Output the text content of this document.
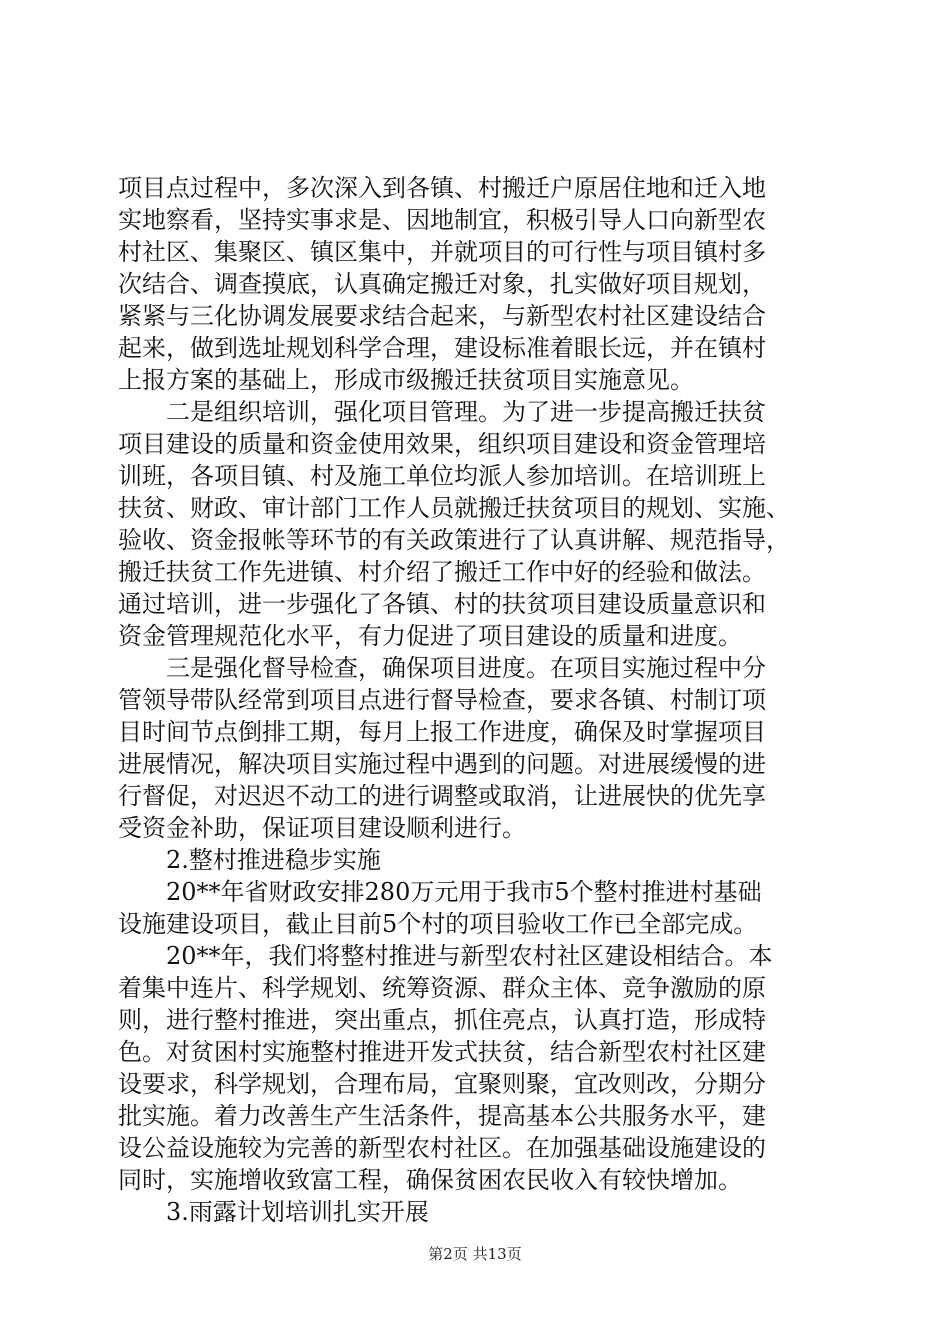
项目点过程中，多次深入到各镇、村搬迁户原居住地和迁入地
实地察看，坚持实事求是、因地制宜，积极引导人口向新型农
村社区、集聚区、镇区集中，并就项目的可行性与项目镇村多
次结合、调查摸底，认真确定搬迁对象，扎实做好项目规划，
紧紧与三化协调发展要求结合起来，与新型农村社区建设结合
起来，做到选址规划科学合理，建设标准着眼长远，并在镇村
上报方案的基础上，形成市级搬迁扶贫项目实施意见。
二是组织培训，强化项目管理。为了进一步提高搬迁扶贫
项目建设的质量和资金使用效果，组织项目建设和资金管理培
训班，各项目镇、村及施工单位均派人参加培训。在培训班上
扶贫、财政、审计部门工作人员就搬迁扶贫项目的规划、实施、
验收、资金报帐等环节的有关政策进行了认真讲解、规范指导，
搬迁扶贫工作先进镇、村介绍了搬迁工作中好的经验和做法。
通过培训，进一步强化了各镇、村的扶贫项目建设质量意识和
资金管理规范化水平，有力促进了项目建设的质量和进度。
三是强化督导检查，确保项目进度。在项目实施过程中分
管领导带队经常到项目点进行督导检查，要求各镇、村制订项
目时间节点倒排工期，每月上报工作进度，确保及时掌握项目
进展情况，解决项目实施过程中遇到的问题。对进展缓慢的进
行督促，对迟迟不动工的进行调整或取消，让进展快的优先享
受资金补助，保证项目建设顺利进行。
2.整村推进稳步实施
20**年省财政安排280万元用于我市5个整村推进村基础
设施建设项目，截止目前5个村的项目验收工作已全部完成。
20**年，我们将整村推进与新型农村社区建设相结合。本
着集中连片、科学规划、统筹资源、群众主体、竞争激励的原
则，进行整村推进，突出重点，抓住亮点，认真打造，形成特
色。对贫困村实施整村推进开发式扶贫，结合新型农村社区建
设要求，科学规划，合理布局，宜聚则聚，宜改则改，分期分
批实施。着力改善生产生活条件，提高基本公共服务水平，建
设公益设施较为完善的新型农村社区。在加强基础设施建设的
同时，实施增收致富工程，确保贫困农民收入有较快增加。
3.雨露计划培训扎实开展
第2页 共13页
